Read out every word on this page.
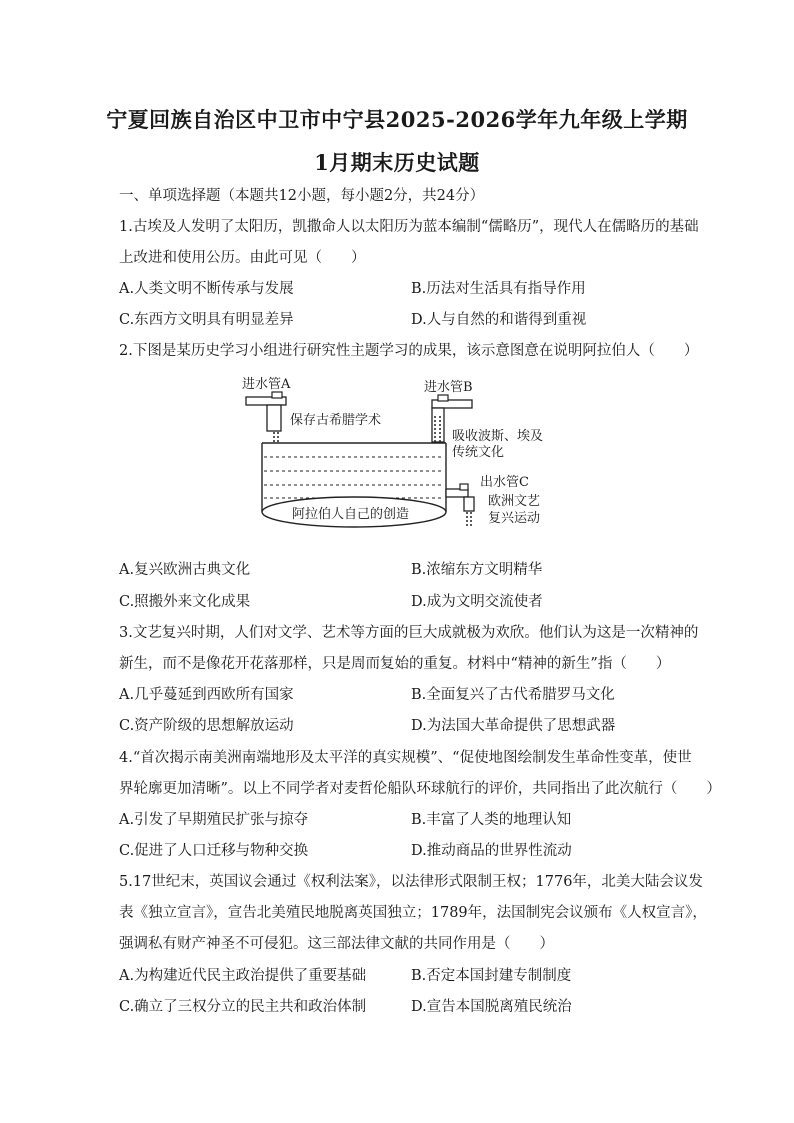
宁夏回族自治区中卫市中宁县2025-2026学年九年级上学期
1月期末历史试题
一、单项选择题（本题共12小题，每小题2分，共24分）
1.古埃及人发明了太阳历，凯撒命人以太阳历为蓝本编制“儒略历”，现代人在儒略历的基础
上改进和使用公历。由此可见（　　）
A.人类文明不断传承与发展	B.历法对生活具有指导作用
C.东西方文明具有明显差异	D.人与自然的和谐得到重视
2.下图是某历史学习小组进行研究性主题学习的成果，该示意图意在说明阿拉伯人（　　）
进水管A
保存古希腊学术
进水管B
吸收波斯、埃及
传统文化
出水管C
欧洲文艺
复兴运动
阿拉伯人自己的创造
A.复兴欧洲古典文化	B.浓缩东方文明精华
C.照搬外来文化成果	D.成为文明交流使者
3.文艺复兴时期，人们对文学、艺术等方面的巨大成就极为欢欣。他们认为这是一次精神的
新生，而不是像花开花落那样，只是周而复始的重复。材料中“精神的新生”指（　　）
A.几乎蔓延到西欧所有国家	B.全面复兴了古代希腊罗马文化
C.资产阶级的思想解放运动	D.为法国大革命提供了思想武器
4.“首次揭示南美洲南端地形及太平洋的真实规模”、“促使地图绘制发生革命性变革，使世
界轮廓更加清晰”。以上不同学者对麦哲伦船队环球航行的评价，共同指出了此次航行（　　）
A.引发了早期殖民扩张与掠夺	B.丰富了人类的地理认知
C.促进了人口迁移与物种交换	D.推动商品的世界性流动
5.17世纪末，英国议会通过《权利法案》，以法律形式限制王权；1776年，北美大陆会议发
表《独立宣言》，宣告北美殖民地脱离英国独立；1789年，法国制宪会议颁布《人权宣言》，
强调私有财产神圣不可侵犯。这三部法律文献的共同作用是（　　）
A.为构建近代民主政治提供了重要基础	B.否定本国封建专制制度
C.确立了三权分立的民主共和政治体制	D.宣告本国脱离殖民统治
